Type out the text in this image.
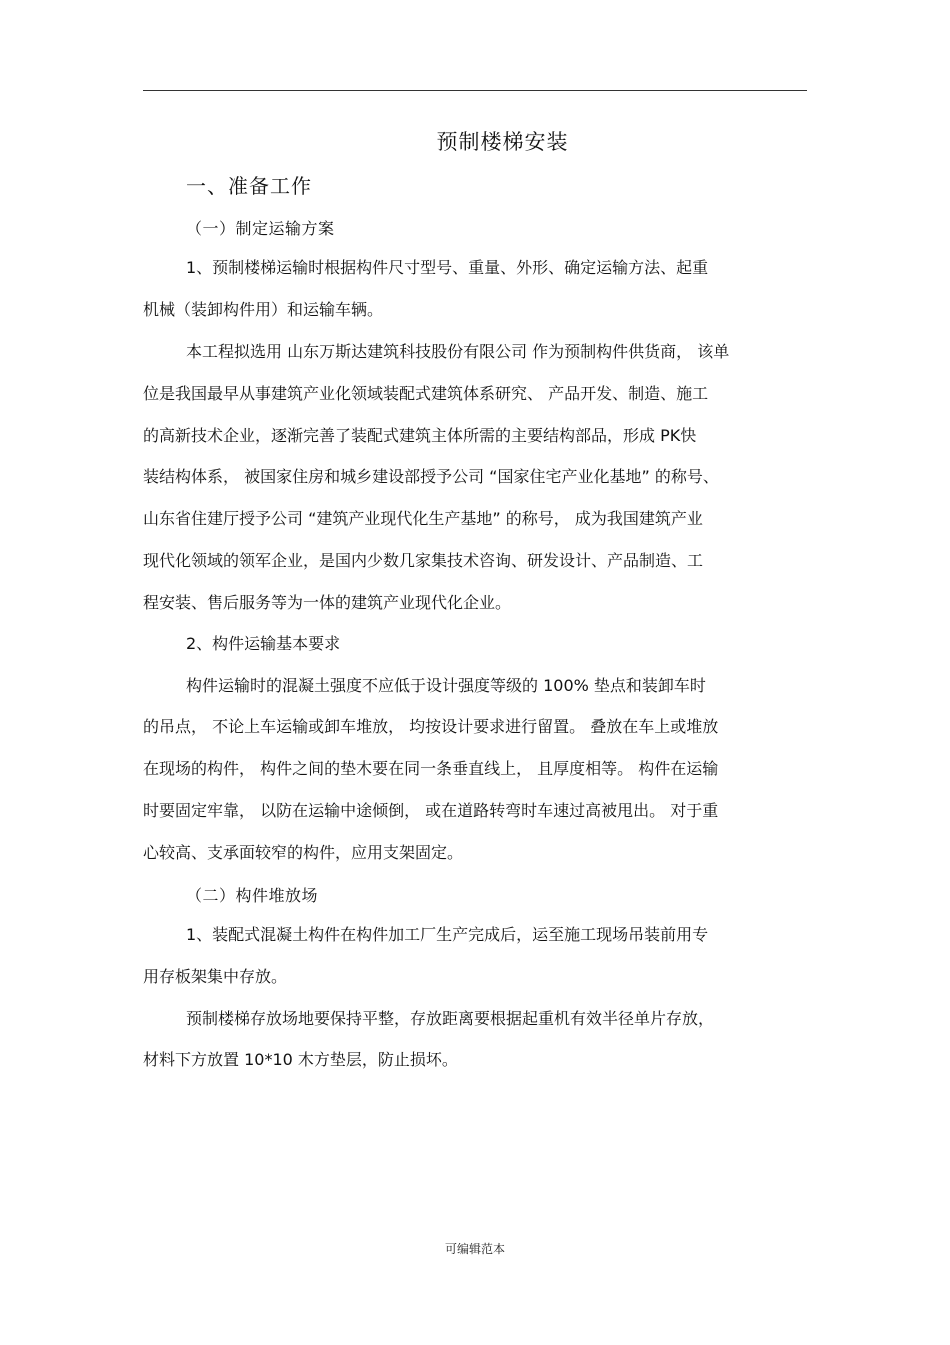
预制楼梯安装
一、准备工作
（一）制定运输方案
1、预制楼梯运输时根据构件尺寸型号、重量、外形、确定运输方法、起重
机械（装卸构件用）和运输车辆。
本工程拟选用 山东万斯达建筑科技股份有限公司 作为预制构件供货商， 该单
位是我国最早从事建筑产业化领域装配式建筑体系研究、 产品开发、制造、施工
的高新技术企业，逐渐完善了装配式建筑主体所需的主要结构部品，形成 PK快
装结构体系， 被国家住房和城乡建设部授予公司 “国家住宅产业化基地” 的称号、
山东省住建厅授予公司 “建筑产业现代化生产基地” 的称号， 成为我国建筑产业
现代化领域的领军企业，是国内少数几家集技术咨询、研发设计、产品制造、工
程安装、售后服务等为一体的建筑产业现代化企业。
2、构件运输基本要求
构件运输时的混凝土强度不应低于设计强度等级的 100% 垫点和装卸车时
的吊点， 不论上车运输或卸车堆放， 均按设计要求进行留置。 叠放在车上或堆放
在现场的构件， 构件之间的垫木要在同一条垂直线上， 且厚度相等。 构件在运输
时要固定牢靠， 以防在运输中途倾倒， 或在道路转弯时车速过高被甩出。 对于重
心较高、支承面较窄的构件，应用支架固定。
（二）构件堆放场
1、装配式混凝土构件在构件加工厂生产完成后，运至施工现场吊装前用专
用存板架集中存放。
预制楼梯存放场地要保持平整，存放距离要根据起重机有效半径单片存放，
材料下方放置 10*10 木方垫层，防止损坏。
可编辑范本
